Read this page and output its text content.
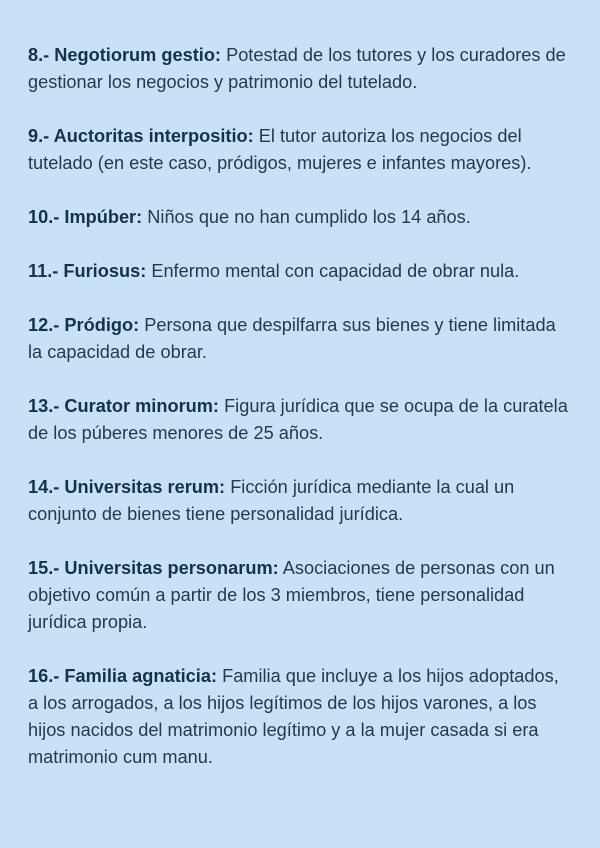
8.- Negotiorum gestio: Potestad de los tutores y los curadores de gestionar los negocios y patrimonio del tutelado.

9.- Auctoritas interpositio: El tutor autoriza los negocios del tutelado (en este caso, pródigos, mujeres e infantes mayores).

10.- Impúber: Niños que no han cumplido los 14 años.

11.- Furiosus: Enfermo mental con capacidad de obrar nula.

12.- Pródigo: Persona que despilfarra sus bienes y tiene limitada la capacidad de obrar.

13.- Curator minorum: Figura jurídica que se ocupa de la curatela de los púberes menores de 25 años.

14.- Universitas rerum: Ficción jurídica mediante la cual un conjunto de bienes tiene personalidad jurídica.

15.- Universitas personarum: Asociaciones de personas con un objetivo común a partir de los 3 miembros, tiene personalidad jurídica propia.

16.- Familia agnaticia: Familia que incluye a los hijos adoptados, a los arrogados, a los hijos legítimos de los hijos varones, a los hijos nacidos del matrimonio legítimo y a la mujer casada si era matrimonio cum manu.
